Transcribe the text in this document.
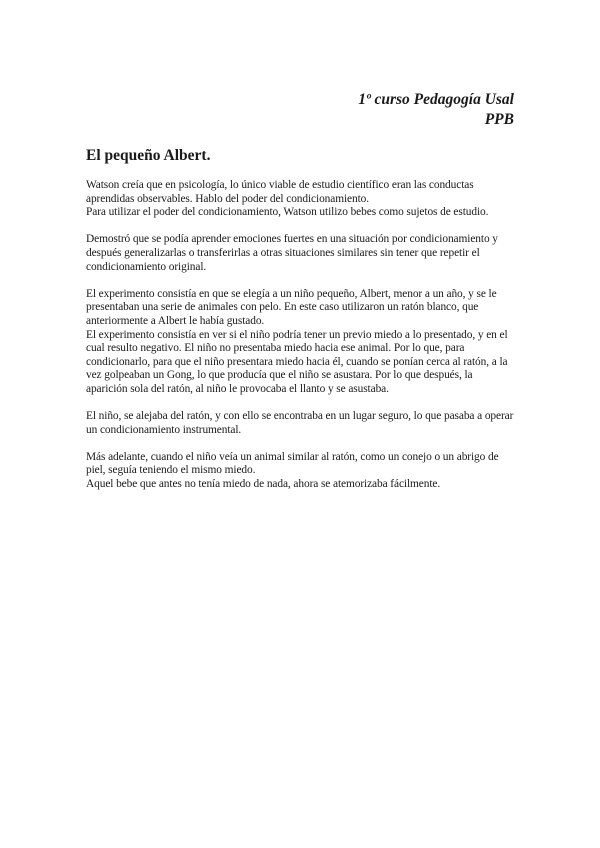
1º curso Pedagogía Usal
PPB
El pequeño Albert.

Watson creía que en psicología, lo único viable de estudio científico eran las conductas aprendidas observables. Hablo del poder del condicionamiento.
Para utilizar el poder del condicionamiento, Watson utilizo bebes como sujetos de estudio.

Demostró que se podía aprender emociones fuertes en una situación por condicionamiento y después generalizarlas o transferirlas a otras situaciones similares sin tener que repetir el condicionamiento original.

El experimento consistía en que se elegía a un niño pequeño, Albert, menor a un año, y se le presentaban una serie de animales con pelo. En este caso utilizaron un ratón blanco, que anteriormente a Albert le había gustado.
El experimento consistía en ver si el niño podría tener un previo miedo a lo presentado, y en el cual resulto negativo. El niño no presentaba miedo hacia ese animal. Por lo que, para condicionarlo, para que el niño presentara miedo hacia él, cuando se ponían cerca al ratón, a la vez golpeaban un Gong, lo que producía que el niño se asustara. Por lo que después, la aparición sola del ratón, al niño le provocaba el llanto y se asustaba.

El niño, se alejaba del ratón, y con ello se encontraba en un lugar seguro, lo que pasaba a operar un condicionamiento instrumental.

Más adelante, cuando el niño veía un animal similar al ratón, como un conejo o un abrigo de piel, seguía teniendo el mismo miedo.
Aquel bebe que antes no tenía miedo de nada, ahora se atemorizaba fácilmente.
